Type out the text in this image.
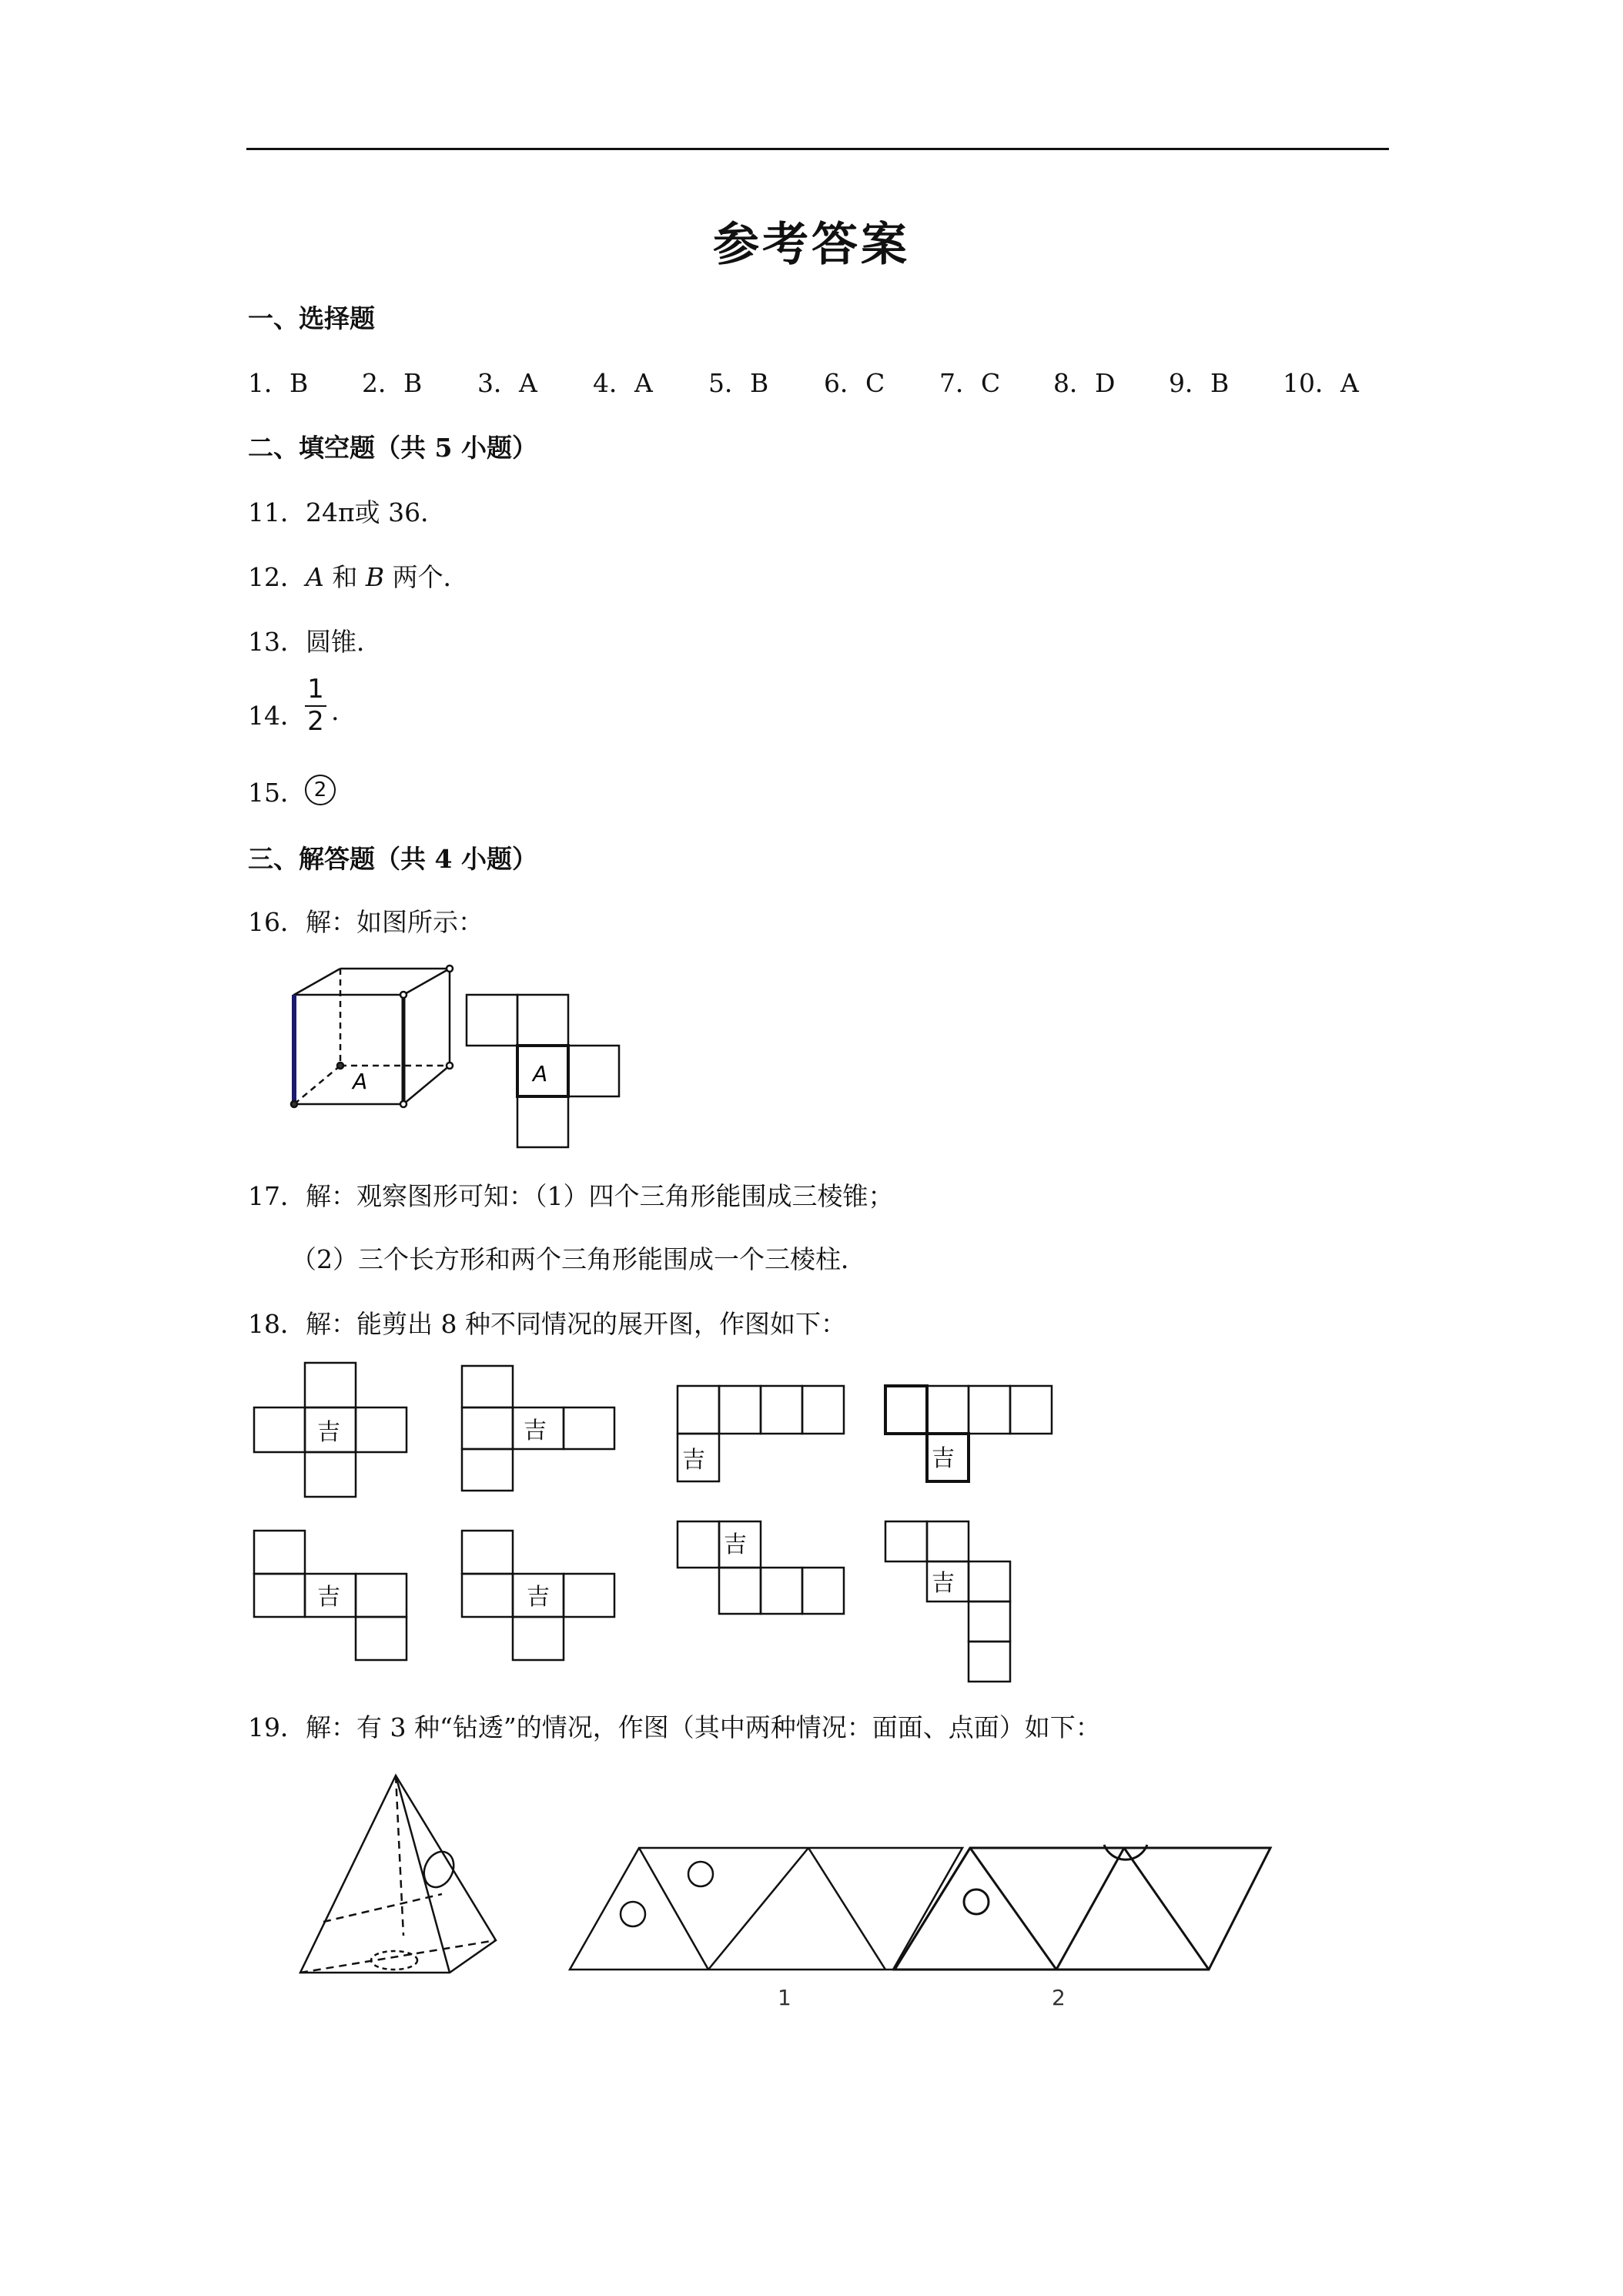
参考答案
一、选择题
1．B 2．B 3．A 4．A 5．B 6．C 7．C 8．D 9．B 10．A
二、填空题（共 5 小题）
11．24π或 36．
12．A 和 B 两个．
13．圆锥．
14．
1
2 .
15． 2
三、解答题（共 4 小题）
16．解：如图所示：
A	A
17．解：观察图形可知：（1）四个三角形能围成三棱锥；
（2）三个长方形和两个三角形能围成一个三棱柱．
18．解：能剪出 8 种不同情况的展开图，作图如下：
吉	吉
吉	吉
吉	吉
吉
吉
19．解：有 3 种“钻透”的情况，作图（其中两种情况：面面、点面）如下：
1	2
